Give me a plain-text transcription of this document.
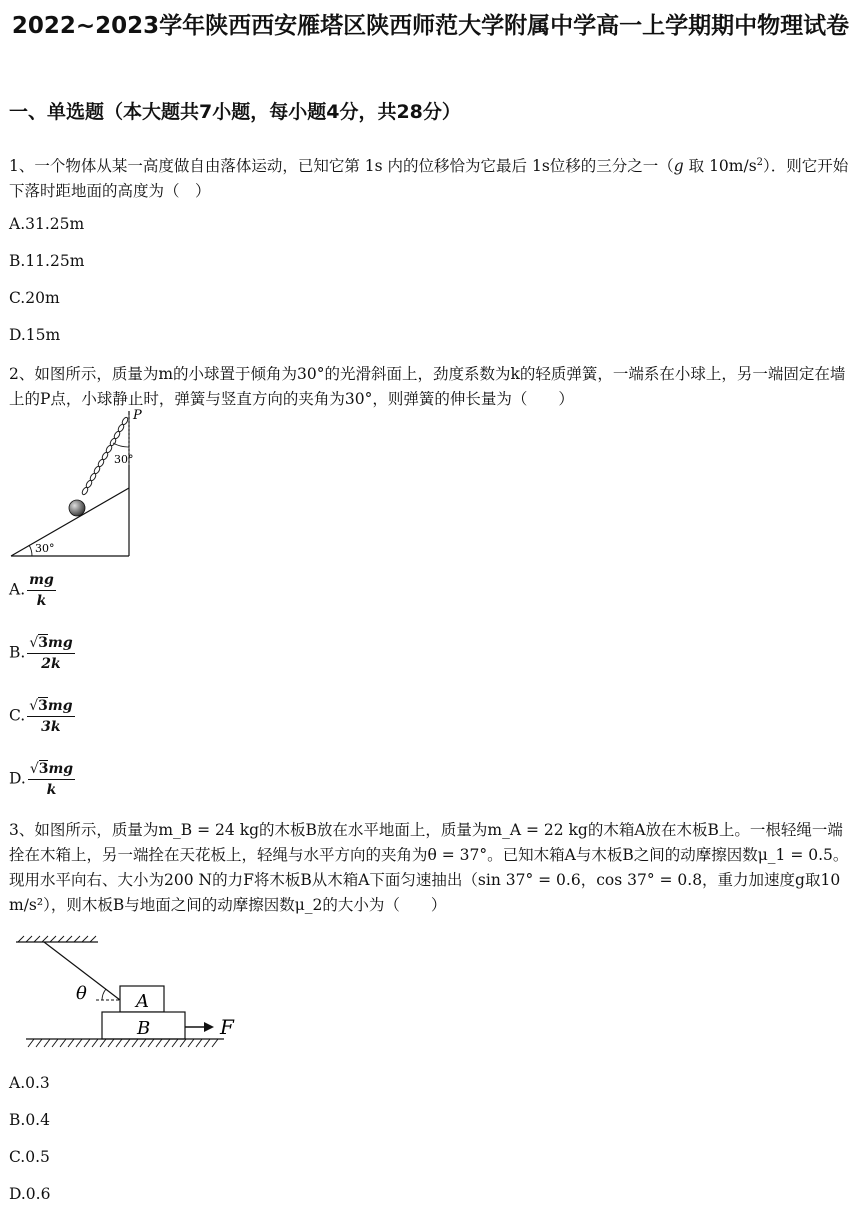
2022~2023学年陕西西安雁塔区陕西师范大学附属中学高一上学期期中物理试卷
一、单选题（本大题共7小题，每小题4分，共28分）

1、一个物体从某一高度做自由落体运动，已知它第 1s 内的位移恰为它最后 1s位移的三分之一（g 取 $10m/s^2$）．则它开始下落时距地面的高度为（　）

A.31.25m

B.11.25m

C.20m

D.15m

2、如图所示，质量为m的小球置于倾角为30°的光滑斜面上，劲度系数为k的轻质弹簧，一端系在小球上，另一端固定在墙上的P点，小球静止时，弹簧与竖直方向的夹角为30°，则弹簧的伸长量为（　　）

P
30°
30°
A. $\frac{mg}{k}$
B. $\frac{√3mg}{2k}$
C. $\frac{√3mg}{3k}$
D. $\frac{√3mg}{k}$

3、如图所示，质量为m_B = 24 kg的木板B放在水平地面上，质量为m_A = 22 kg的木箱A放在木板B上。一根轻绳一端拴在木箱上，另一端拴在天花板上，轻绳与水平方向的夹角为θ = 37°。已知木箱A与木板B之间的动摩擦因数μ_1 = 0.5。现用水平向右、大小为200 N的力F将木板B从木箱A下面匀速抽出（sin 37° = 0.6，cos 37° = 0.8，重力加速度g取10 m/s²），则木板B与地面之间的动摩擦因数μ_2的大小为（　　）

θ	A
B	F

A.0.3

B.0.4

C.0.5

D.0.6
